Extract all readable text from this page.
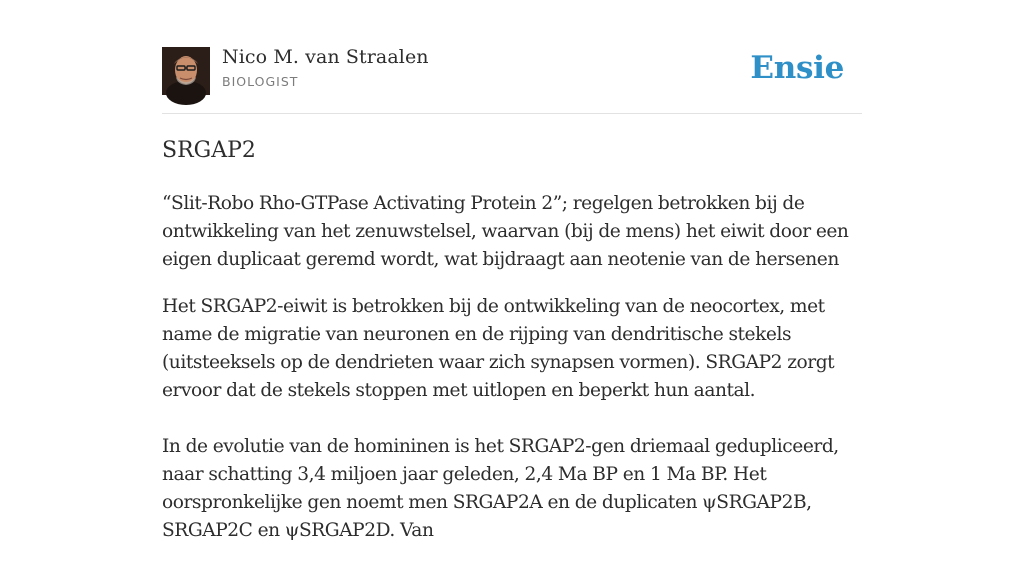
Nico M. van Straalen
BIOLOGIST	Ensie
SRGAP2

“Slit-Robo Rho-GTPase Activating Protein 2”; regelgen betrokken bij de ontwikkeling van het zenuwstelsel, waarvan (bij de mens) het eiwit door een eigen duplicaat geremd wordt, wat bijdraagt aan neotenie van de hersenen

Het SRGAP2-eiwit is betrokken bij de ontwikkeling van de neocortex, met name de migratie van neuronen en de rijping van dendritische stekels (uitsteeksels op de dendrieten waar zich synapsen vormen). SRGAP2 zorgt ervoor dat de stekels stoppen met uitlopen en beperkt hun aantal.

In de evolutie van de homininen is het SRGAP2-gen driemaal gedupliceerd, naar schatting 3,4 miljoen jaar geleden, 2,4 Ma BP en 1 Ma BP. Het oorspronkelijke gen noemt men SRGAP2A en de duplicaten ψSRGAP2B, SRGAP2C en ψSRGAP2D. Van
